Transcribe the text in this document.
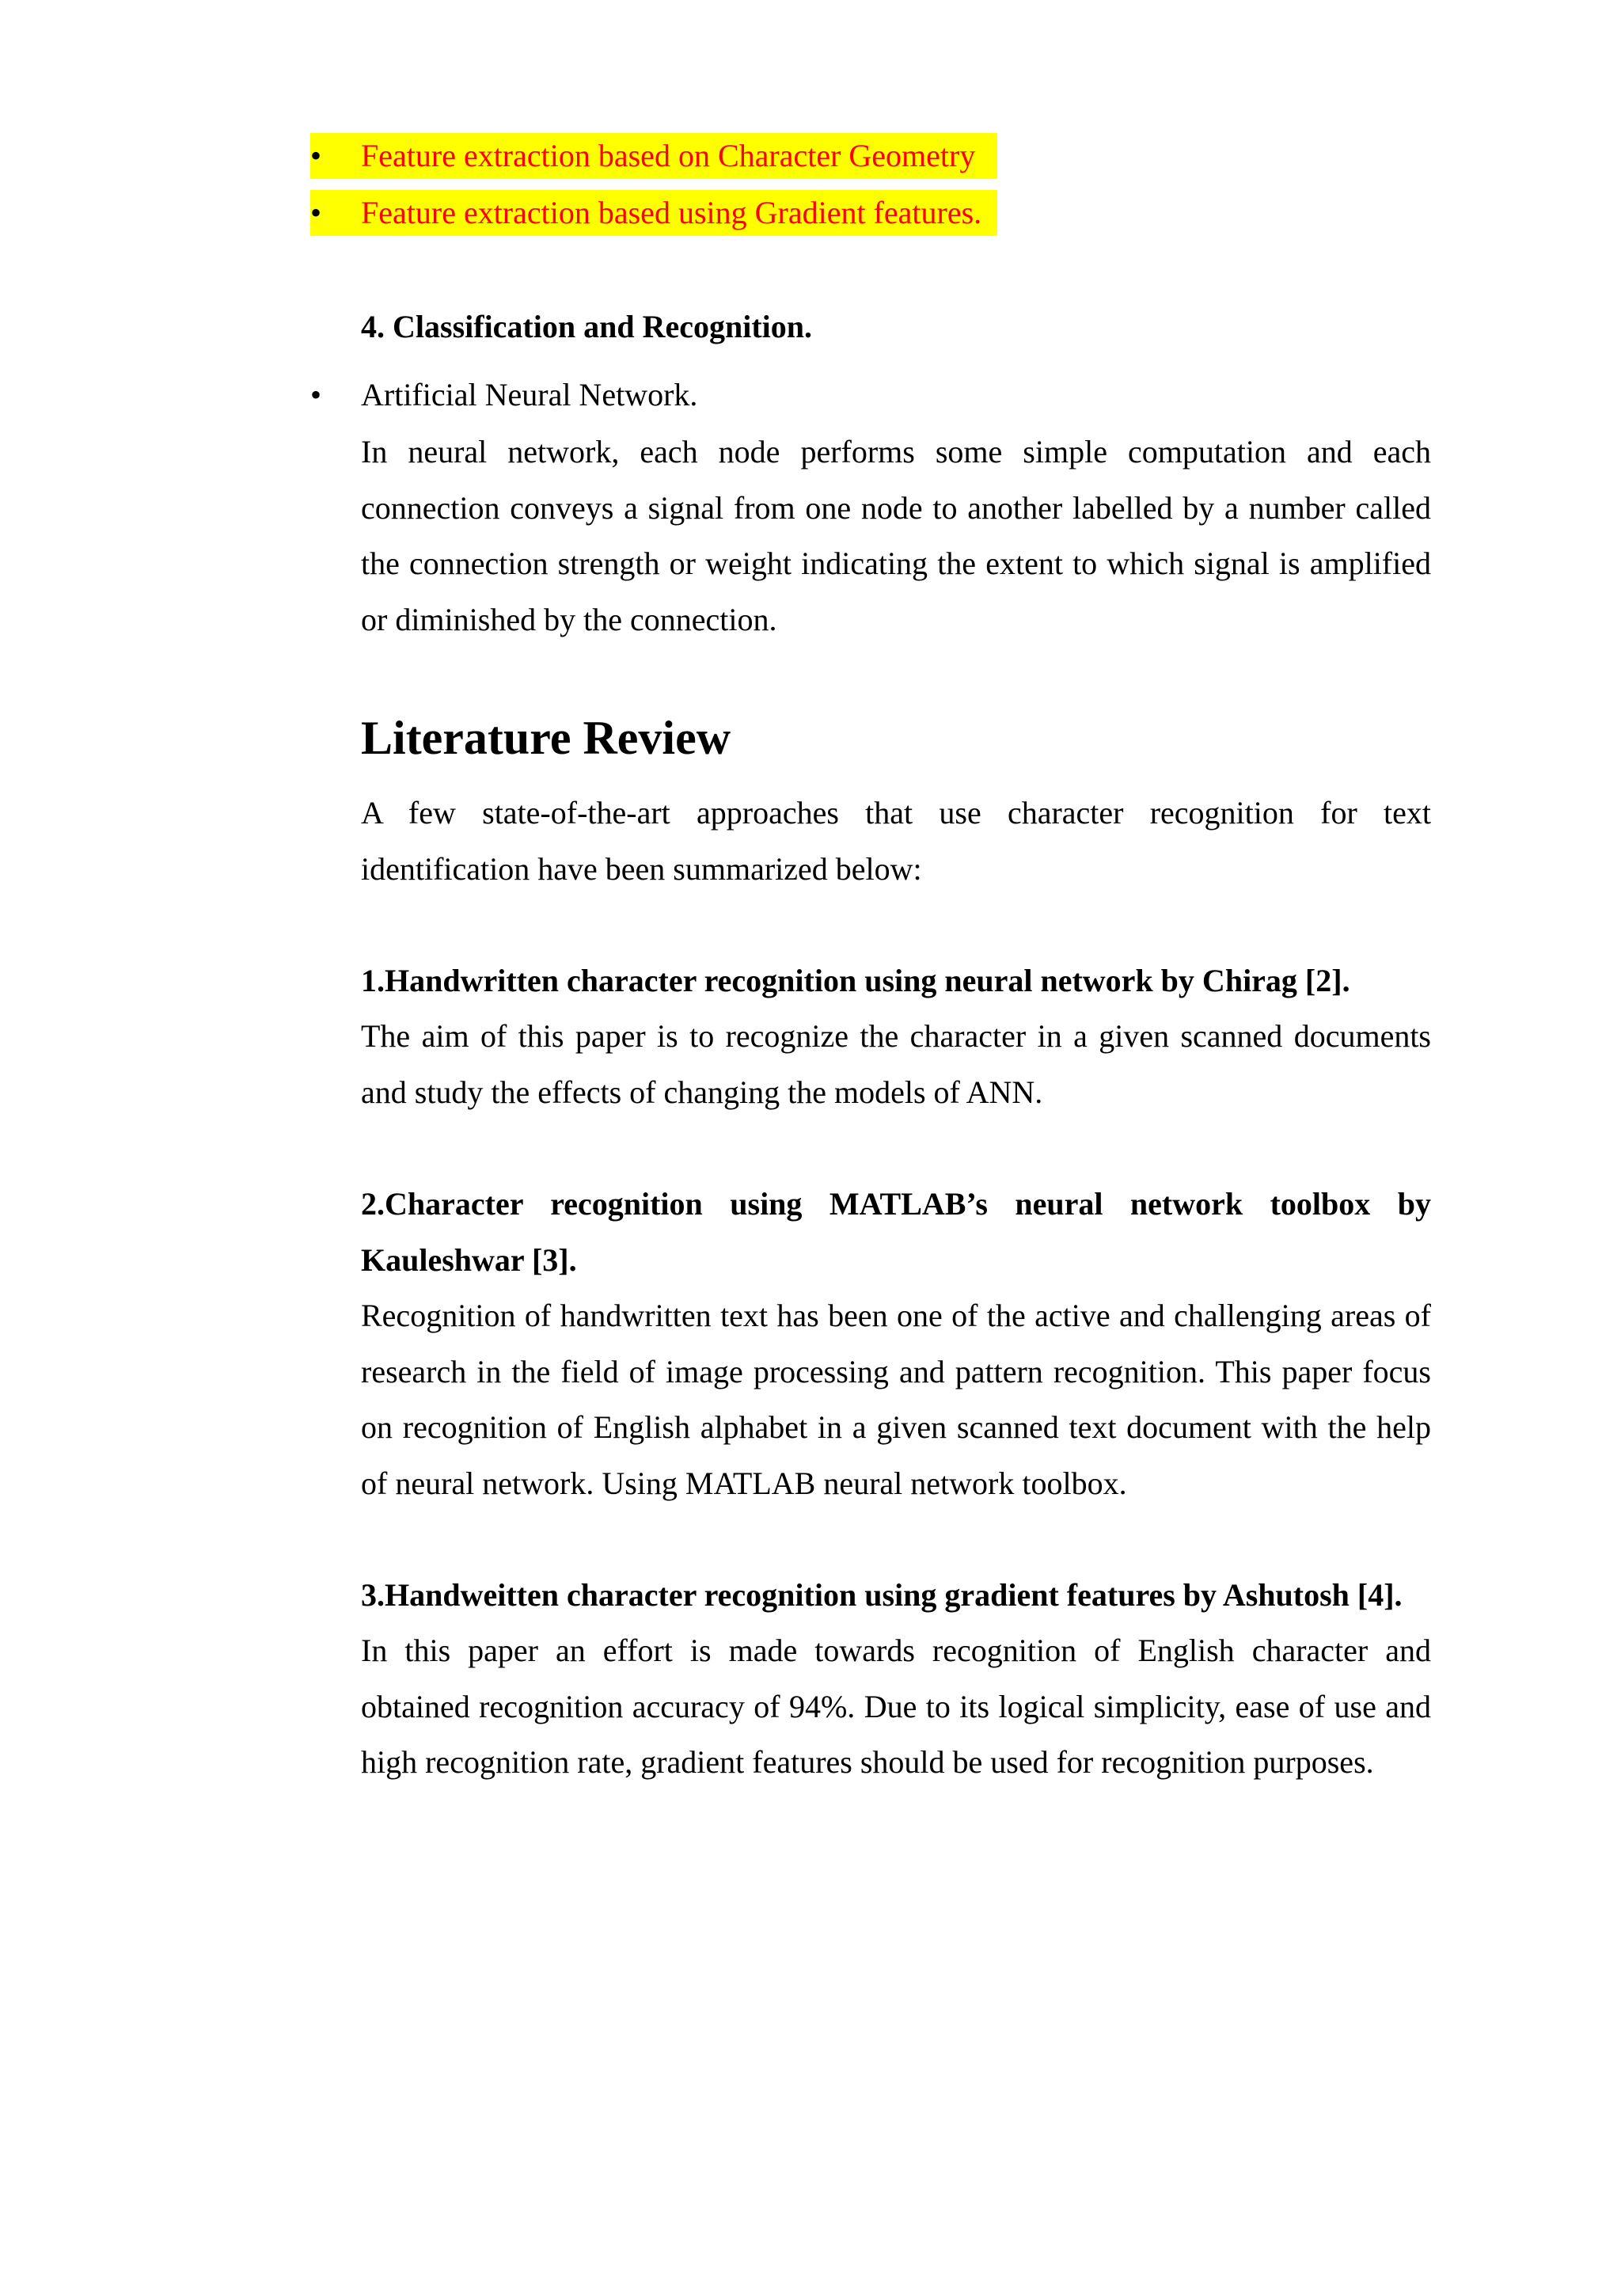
•	Feature extraction based on Character Geometry
•	Feature extraction based using Gradient features.

4. Classification and Recognition.

• Artificial Neural Network.

In neural network, each node performs some simple computation and each connection conveys a signal from one node to another labelled by a number called the connection strength or weight indicating the extent to which signal is amplified or diminished by the connection.

Literature Review

A few state-of-the-art approaches that use character recognition for text identification have been summarized below:

1.Handwritten character recognition using neural network by Chirag [2].

The aim of this paper is to recognize the character in a given scanned documents and study the effects of changing the models of ANN.

2.Character recognition using MATLAB’s neural network toolbox by Kauleshwar [3].

Recognition of handwritten text has been one of the active and challenging areas of research in the field of image processing and pattern recognition. This paper focus on recognition of English alphabet in a given scanned text document with the help of neural network. Using MATLAB neural network toolbox.

3.Handweitten character recognition using gradient features by Ashutosh [4].

In this paper an effort is made towards recognition of English character and obtained recognition accuracy of 94%. Due to its logical simplicity, ease of use and high recognition rate, gradient features should be used for recognition purposes.
